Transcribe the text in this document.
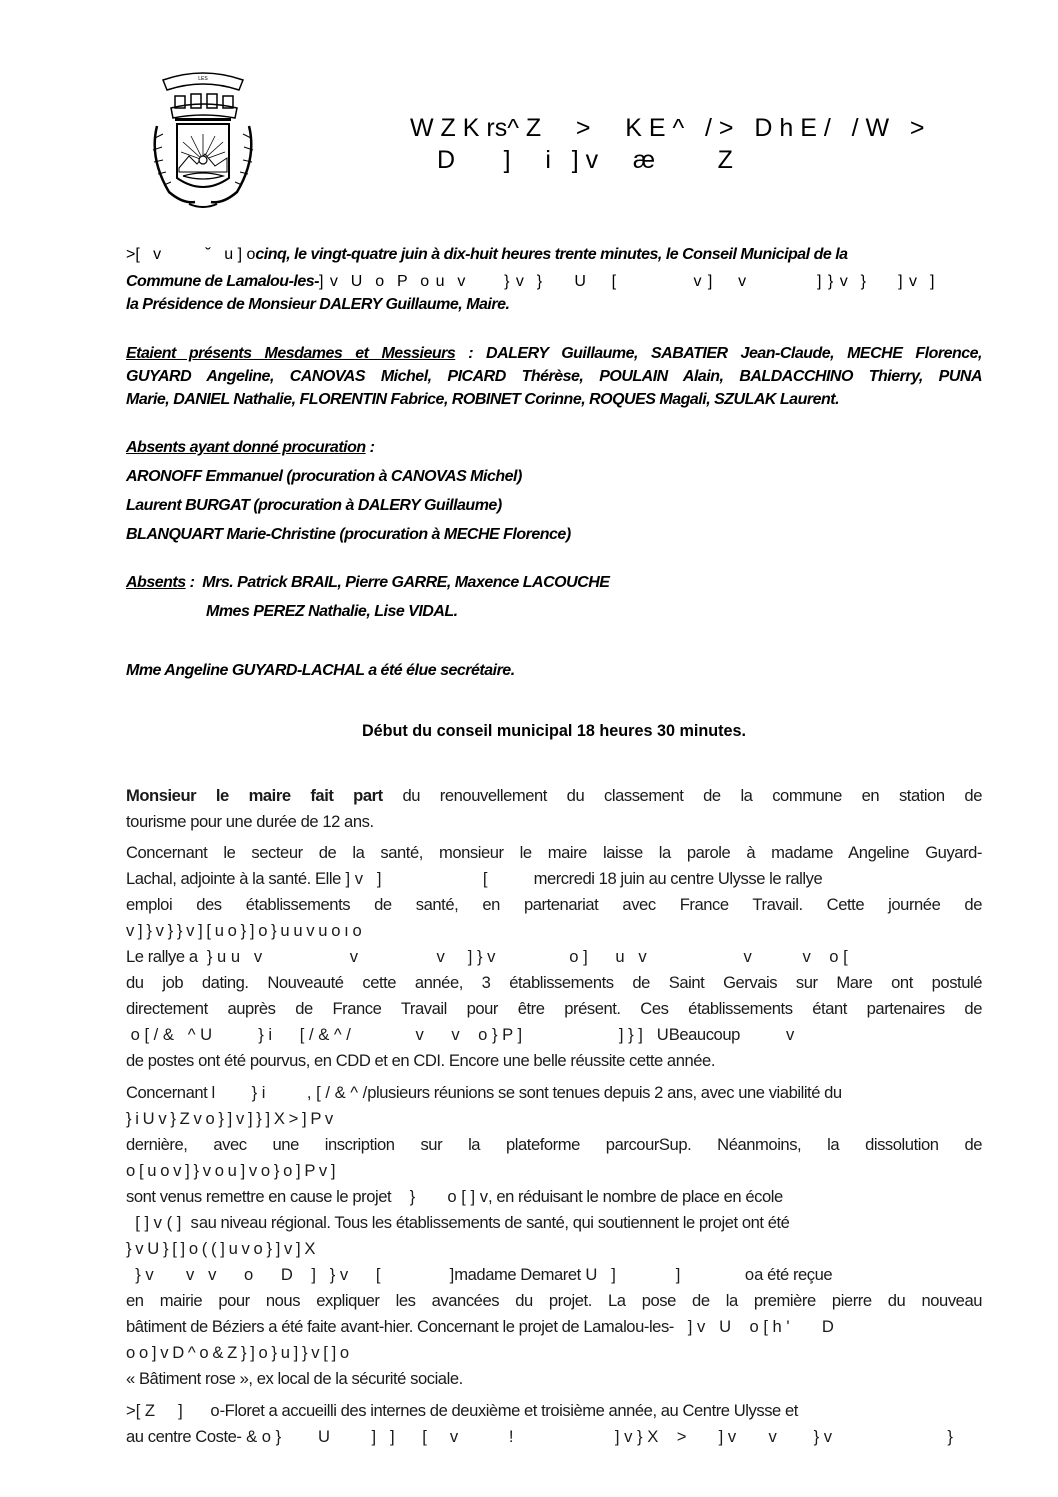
LES
W Z K rs^ Z     >     K E ^   / >   D h E /   / W   >
D       ]     i   ] v     æ         Z
>[   v          ˘   u ] ocinq, le vingt-quatre juin à dix-huit heures trente minutes, le Conseil Municipal de la
Commune de Lamalou-les-] v  U  o  P  o u  v      } v  }     U    [            v ]    v           ] } v  }     ] v  ]
la Présidence de Monsieur DALERY Guillaume, Maire.
Etaient présents Mesdames et Messieurs : DALERY Guillaume, SABATIER Jean-Claude, MECHE Florence,
GUYARD Angeline, CANOVAS Michel, PICARD Thérèse, POULAIN Alain, BALDACCHINO Thierry, PUNA
Marie, DANIEL Nathalie, FLORENTIN Fabrice, ROBINET Corinne, ROQUES Magali, SZULAK Laurent.
Absents ayant donné procuration :
ARONOFF Emmanuel (procuration à CANOVAS Michel)
Laurent BURGAT (procuration à DALERY Guillaume)
BLANQUART Marie-Christine (procuration à MECHE Florence)
Absents :  Mrs. Patrick BRAIL, Pierre GARRE, Maxence LACOUCHE
Mmes PEREZ Nathalie, Lise VIDAL.
Mme Angeline GUYARD-LACHAL a été élue secrétaire.
Début du conseil municipal 18 heures 30 minutes.
Monsieur le maire fait part du renouvellement du classement de la commune en station de
tourisme pour une durée de 12 ans.
Concernant le secteur de la santé, monsieur le maire laisse la parole à madame Angeline Guyard-
Lachal, adjointe à la santé. Elle ] v   ]                      [          mercredi 18 juin au centre Ulysse le rallye
emploi des établissements de santé, en partenariat avec France Travail. Cette journée de
v ] } v } } v ] [ u o } ] o } u u v u o ı o
Le rallye a  } u u   v                   v                 v     ] } v                o ]      u   v                     v           v    o [
du job dating. Nouveauté cette année, 3 établissements de Saint Gervais sur Mare ont postulé
directement auprès de France Travail pour être présent. Ces établissements étant partenaires de
o [ / &   ^ U          } i      [ / & ^ /              v      v    o } P ]                     ] } ]   UBeaucoup          v
de postes ont été pourvus, en CDD et en CDI. Encore une belle réussite cette année.
Concernant l        } i         , [ / & ^ /plusieurs réunions se sont tenues depuis 2 ans, avec une viabilité du
} i U v } Z v o } ] v ] } ] X > ] P v
dernière, avec une inscription sur la plateforme parcourSup. Néanmoins, la dissolution de
o [ u o v ] } v o u ] v o } o ] P v ]
sont venus remettre en cause le projet    }       o [ ] v, en réduisant le nombre de place en école
[ ] v ( ]  sau niveau régional. Tous les établissements de santé, qui soutiennent le projet ont été
} v U } [ ] o ( ( ] u v o } ] v ] X
} v       v   v      o      D    ]   } v      [               ]madame Demaret U   ]             ]              oa été reçue
en mairie pour nous expliquer les avancées du projet. La pose de la première pierre du nouveau
bâtiment de Béziers a été faite avant-hier. Concernant le projet de Lamalou-les-   ] v   U    o [ h '       D
o o ] v D ^ o & Z } ] o } u ] } v [ ] o
« Bâtiment rose », ex local de la sécurité sociale.
>[ Z     ]      o-Floret a accueilli des internes de deuxième et troisième année, au Centre Ulysse et
au centre Coste- & o }        U         ]   ]      [     v           !                      ] v } X    >       ] v       v        } v                         }
